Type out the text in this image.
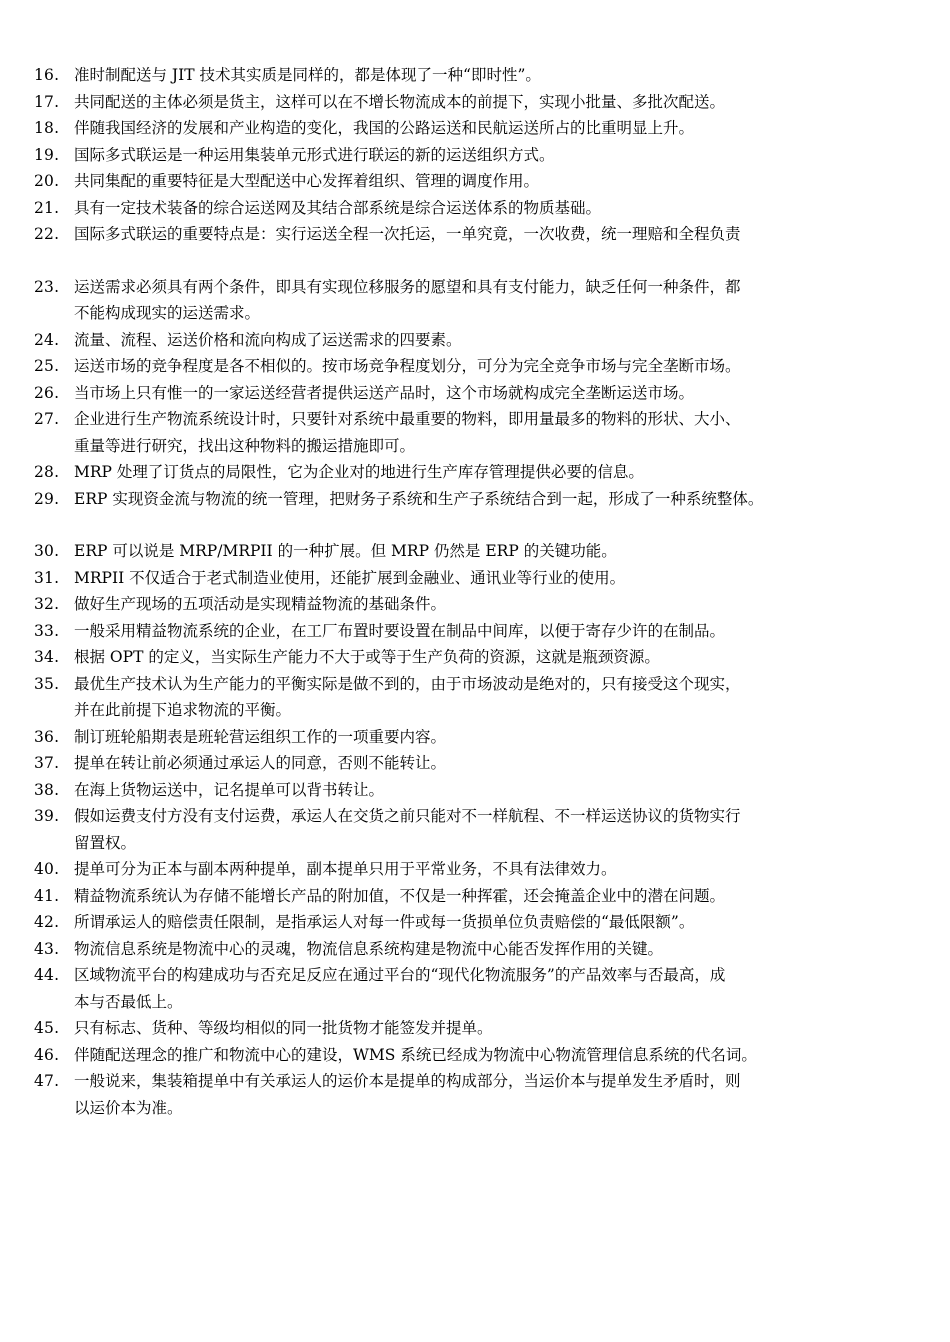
16. 准时制配送与 JIT 技术其实质是同样的，都是体现了一种“即时性”。
17. 共同配送的主体必须是货主，这样可以在不增长物流成本的前提下，实现小批量、多批次配送。
18. 伴随我国经济的发展和产业构造的变化，我国的公路运送和民航运送所占的比重明显上升。
19. 国际多式联运是一种运用集装单元形式进行联运的新的运送组织方式。
20. 共同集配的重要特征是大型配送中心发挥着组织、管理的调度作用。
21. 具有一定技术装备的综合运送网及其结合部系统是综合运送体系的物质基础。
22. 国际多式联运的重要特点是：实行运送全程一次托运，一单究竟，一次收费，统一理赔和全程负责
23. 运送需求必须具有两个条件，即具有实现位移服务的愿望和具有支付能力，缺乏任何一种条件，都
不能构成现实的运送需求。
24. 流量、流程、运送价格和流向构成了运送需求的四要素。
25. 运送市场的竞争程度是各不相似的。按市场竞争程度划分，可分为完全竞争市场与完全垄断市场。
26. 当市场上只有惟一的一家运送经营者提供运送产品时，这个市场就构成完全垄断运送市场。
27. 企业进行生产物流系统设计时，只要针对系统中最重要的物料，即用量最多的物料的形状、大小、
重量等进行研究，找出这种物料的搬运措施即可。
28. MRP 处理了订货点的局限性，它为企业对的地进行生产库存管理提供必要的信息。
29. ERP 实现资金流与物流的统一管理，把财务子系统和生产子系统结合到一起，形成了一种系统整体。
30. ERP 可以说是 MRP/MRPII 的一种扩展。但 MRP 仍然是 ERP 的关键功能。
31. MRPII 不仅适合于老式制造业使用，还能扩展到金融业、通讯业等行业的使用。
32. 做好生产现场的五项活动是实现精益物流的基础条件。
33. 一般采用精益物流系统的企业，在工厂布置时要设置在制品中间库，以便于寄存少许的在制品。
34. 根据 OPT 的定义，当实际生产能力不大于或等于生产负荷的资源，这就是瓶颈资源。
35. 最优生产技术认为生产能力的平衡实际是做不到的，由于市场波动是绝对的，只有接受这个现实，
并在此前提下追求物流的平衡。
36. 制订班轮船期表是班轮营运组织工作的一项重要内容。
37. 提单在转让前必须通过承运人的同意，否则不能转让。
38. 在海上货物运送中，记名提单可以背书转让。
39. 假如运费支付方没有支付运费，承运人在交货之前只能对不一样航程、不一样运送协议的货物实行
留置权。
40. 提单可分为正本与副本两种提单，副本提单只用于平常业务，不具有法律效力。
41. 精益物流系统认为存储不能增长产品的附加值，不仅是一种挥霍，还会掩盖企业中的潜在问题。
42. 所谓承运人的赔偿责任限制，是指承运人对每一件或每一货损单位负责赔偿的“最低限额”。
43. 物流信息系统是物流中心的灵魂，物流信息系统构建是物流中心能否发挥作用的关键。
44. 区域物流平台的构建成功与否充足反应在通过平台的“现代化物流服务”的产品效率与否最高，成
本与否最低上。
45. 只有标志、货种、等级均相似的同一批货物才能签发并提单。
46. 伴随配送理念的推广和物流中心的建设，WMS 系统已经成为物流中心物流管理信息系统的代名词。
47. 一般说来，集装箱提单中有关承运人的运价本是提单的构成部分，当运价本与提单发生矛盾时，则
以运价本为准。
